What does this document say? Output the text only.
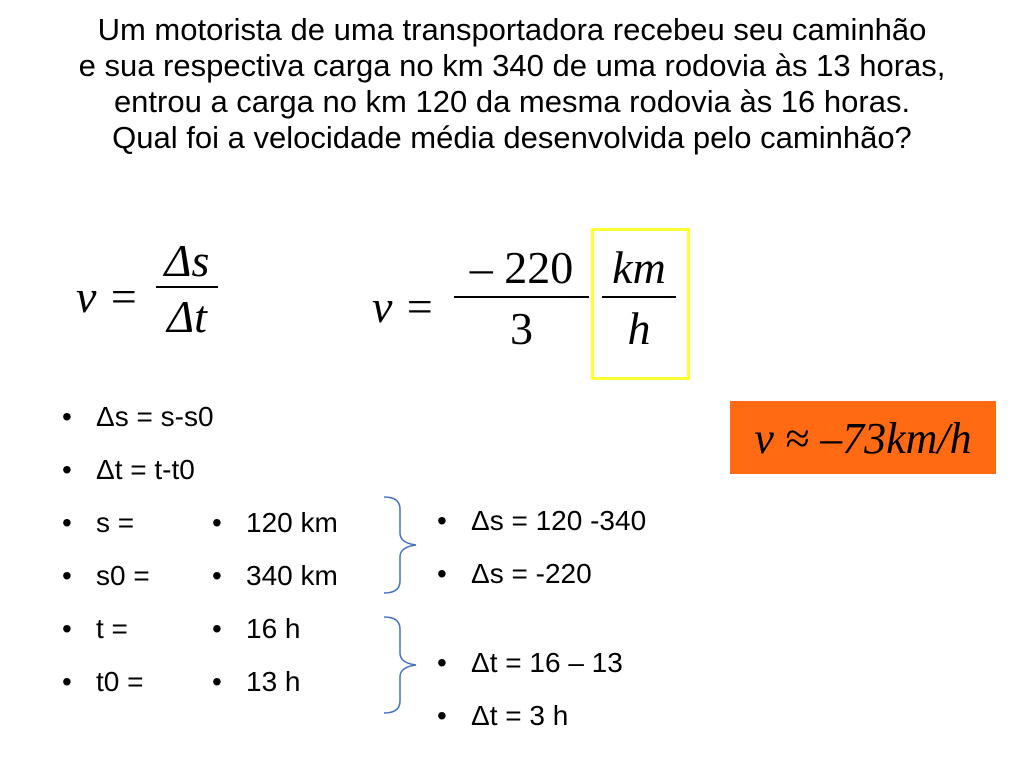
Um motorista de uma transportadora recebeu seu caminhão
e sua respectiva carga no km 340 de uma rodovia às 13 horas,
entrou a carga no km 120 da mesma rodovia às 16 horas.
Qual foi a velocidade média desenvolvida pelo caminhão?
v =
Δs
Δt	v =
– 220
3
km
h
v ≈ –73km/h
• Δs = s-s0
• Δt = t-t0
• s =
• s0 =
• t =
• t0 =
• 120 km
• 340 km
• 16 h
• 13 h
• Δs = 120 -340
• Δs = -220
• Δt = 16 – 13
• Δt = 3 h
